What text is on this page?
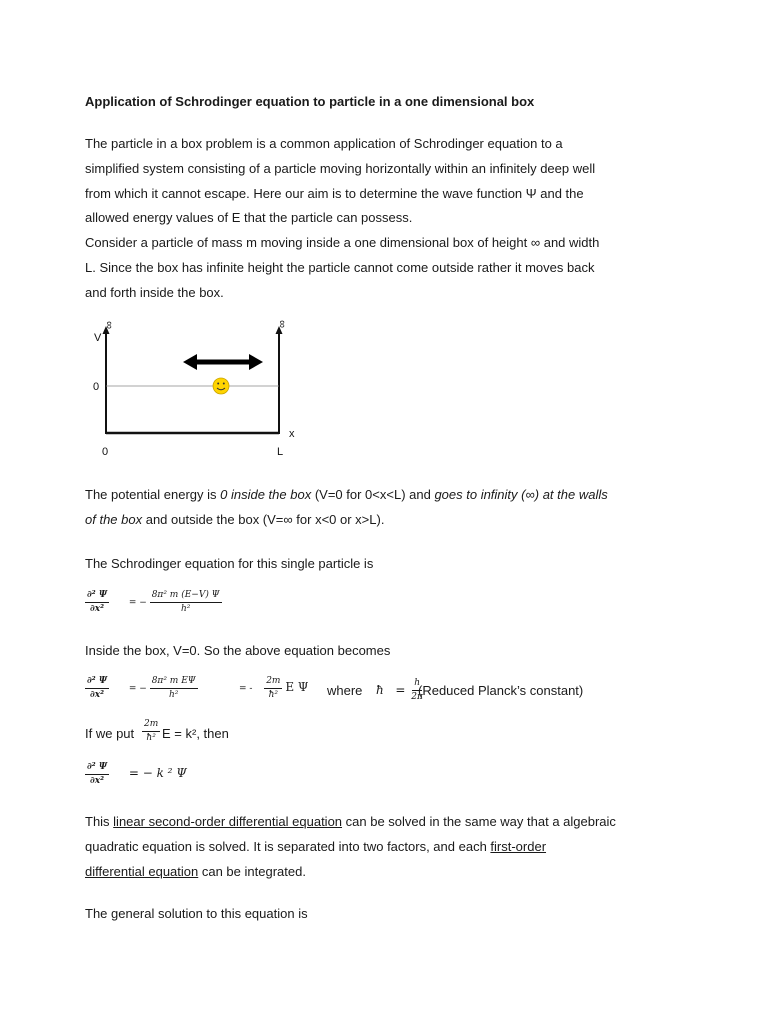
Application of Schrodinger equation to particle in a one dimensional box

The particle in a box problem is a common application of Schrodinger equation to a
simplified system consisting of a particle moving horizontally within an infinitely deep well
from which it cannot escape. Here our aim is to determine the wave function Ψ and the
allowed energy values of E that the particle can possess.
Consider a particle of mass m moving inside a one dimensional box of height ∞ and width
L. Since the box has infinite height the particle cannot come outside rather it moves back
and forth inside the box.

V
∞	∞
0
x
0	L

The potential energy is 0 inside the box (V=0 for 0<x<L) and goes to infinity (∞) at the walls
of the box and outside the box (V=∞ for x<0 or x>L).

The Schrodinger equation for this single particle is
$\frac{\text{∂² Ψ}}{\text{∂x²}}$ = − $\frac{\text{8π² m (E−V) Ψ}}{\text{h²}}$
Inside the box, V=0. So the above equation becomes
$\frac{\text{∂² Ψ}}{\text{∂x²}}$ = − $\frac{\text{8π² m EΨ}}{\text{h²}}$	= - $\frac{2m}{\text{ħ²}}$ E Ψ where ħ = $\frac{h}{2\pi}$
(Reduced Planck’s constant)
If we put $\frac{2m}{\text{ħ²}}$ E = k², then
$\frac{\text{∂² Ψ}}{\text{∂x²}}$ = − k ² Ψ

This linear second-order differential equation can be solved in the same way that a algebraic
quadratic equation is solved. It is separated into two factors, and each first-order
differential equation can be integrated.

The general solution to this equation is
